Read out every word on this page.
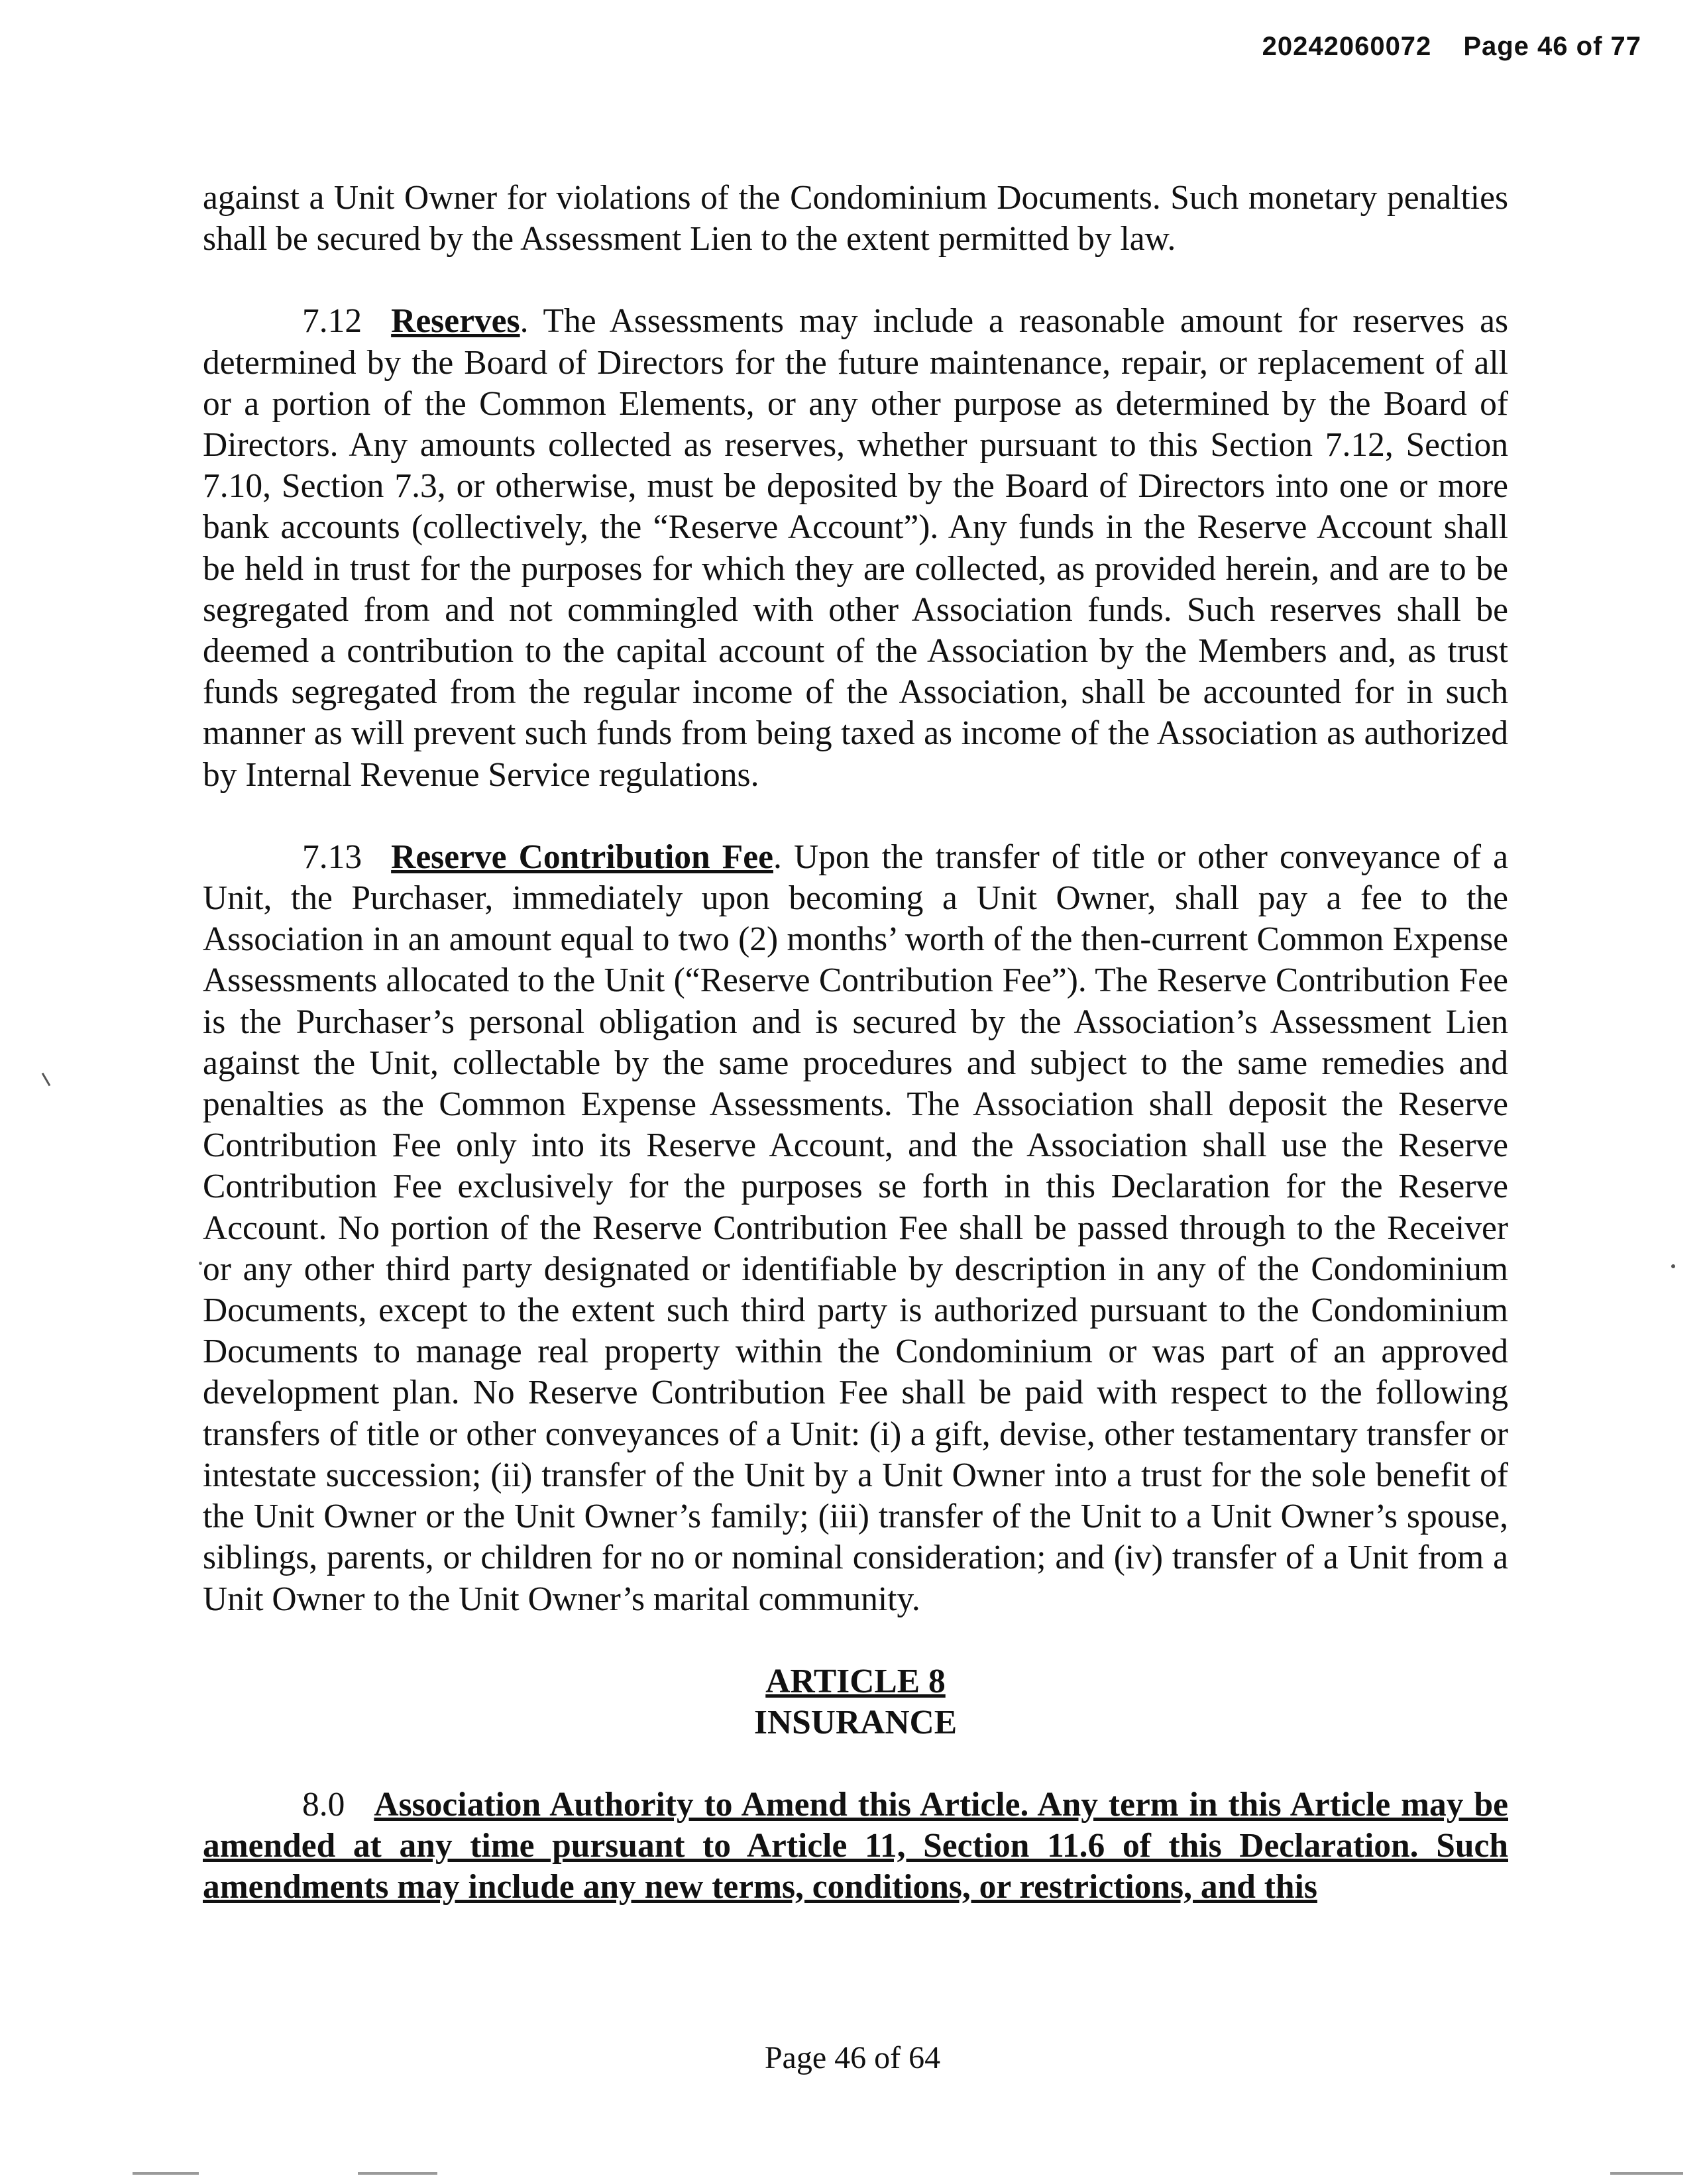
20242060072 Page 46 of 77

against a Unit Owner for violations of the Condominium Documents. Such monetary penalties shall be secured by the Assessment Lien to the extent permitted by law.

7.12 Reserves. The Assessments may include a reasonable amount for reserves as determined by the Board of Directors for the future maintenance, repair, or replacement of all or a portion of the Common Elements, or any other purpose as determined by the Board of Directors. Any amounts collected as reserves, whether pursuant to this Section 7.12, Section 7.10, Section 7.3, or otherwise, must be deposited by the Board of Directors into one or more bank accounts (collectively, the “Reserve Account”). Any funds in the Reserve Account shall be held in trust for the purposes for which they are collected, as provided herein, and are to be segregated from and not commingled with other Association funds. Such reserves shall be deemed a contribution to the capital account of the Association by the Members and, as trust funds segregated from the regular income of the Association, shall be accounted for in such manner as will prevent such funds from being taxed as income of the Association as authorized by Internal Revenue Service regulations.

7.13 Reserve Contribution Fee. Upon the transfer of title or other conveyance of a Unit, the Purchaser, immediately upon becoming a Unit Owner, shall pay a fee to the Association in an amount equal to two (2) months’ worth of the then-current Common Expense Assessments allocated to the Unit (“Reserve Contribution Fee”). The Reserve Contribution Fee is the Purchaser’s personal obligation and is secured by the Association’s Assessment Lien against the Unit, collectable by the same procedures and subject to the same remedies and penalties as the Common Expense Assessments. The Association shall deposit the Reserve Contribution Fee only into its Reserve Account, and the Association shall use the Reserve Contribution Fee exclusively for the purposes se forth in this Declaration for the Reserve Account. No portion of the Reserve Contribution Fee shall be passed through to the Receiver or any other third party designated or identifiable by description in any of the Condominium Documents, except to the extent such third party is authorized pursuant to the Condominium Documents to manage real property within the Condominium or was part of an approved development plan. No Reserve Contribution Fee shall be paid with respect to the following transfers of title or other conveyances of a Unit: (i) a gift, devise, other testamentary transfer or intestate succession; (ii) transfer of the Unit by a Unit Owner into a trust for the sole benefit of the Unit Owner or the Unit Owner’s family; (iii) transfer of the Unit to a Unit Owner’s spouse, siblings, parents, or children for no or nominal consideration; and (iv) transfer of a Unit from a Unit Owner to the Unit Owner’s marital community.

ARTICLE 8
INSURANCE

8.0 Association Authority to Amend this Article. Any term in this Article may be amended at any time pursuant to Article 11, Section 11.6 of this Declaration. Such amendments may include any new terms, conditions, or restrictions, and this

Page 46 of 64
